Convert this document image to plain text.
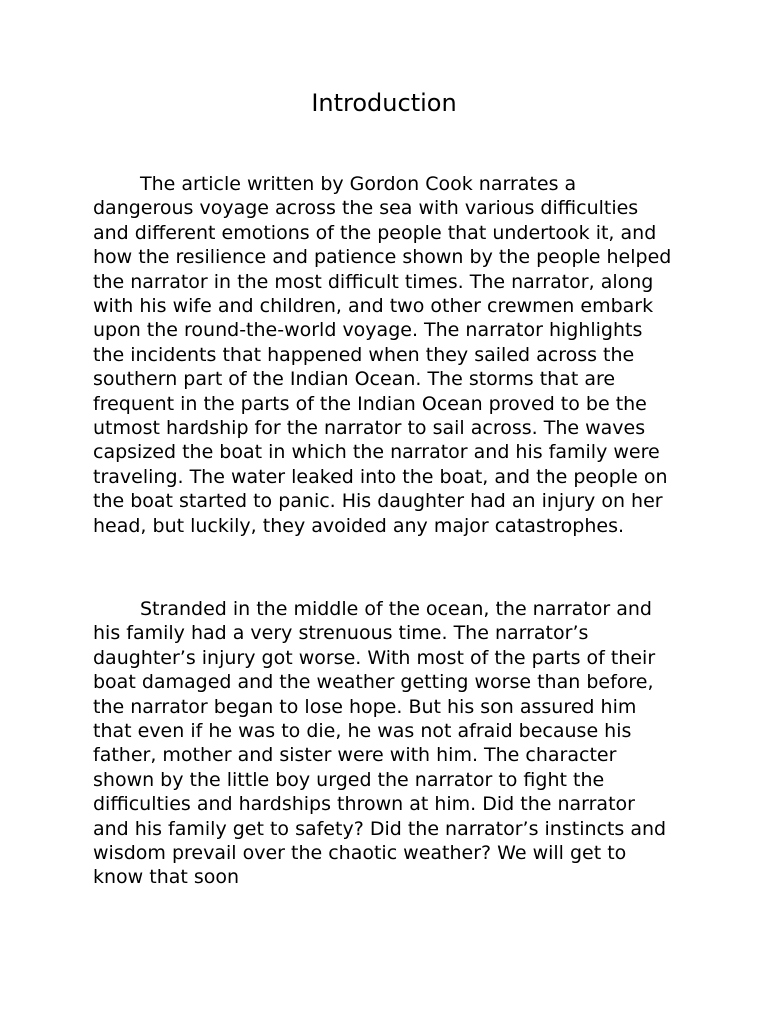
Introduction

The article written by Gordon Cook narrates a dangerous voyage across the sea with various difficulties and different emotions of the people that undertook it, and how the resilience and patience shown by the people helped the narrator in the most difficult times. The narrator, along with his wife and children, and two other crewmen embark upon the round-the-world voyage. The narrator highlights the incidents that happened when they sailed across the southern part of the Indian Ocean. The storms that are frequent in the parts of the Indian Ocean proved to be the utmost hardship for the narrator to sail across. The waves capsized the boat in which the narrator and his family were traveling. The water leaked into the boat, and the people on the boat started to panic. His daughter had an injury on her head, but luckily, they avoided any major catastrophes.

Stranded in the middle of the ocean, the narrator and his family had a very strenuous time. The narrator’s daughter’s injury got worse. With most of the parts of their boat damaged and the weather getting worse than before, the narrator began to lose hope. But his son assured him that even if he was to die, he was not afraid because his father, mother and sister were with him. The character shown by the little boy urged the narrator to fight the difficulties and hardships thrown at him. Did the narrator and his family get to safety? Did the narrator’s instincts and wisdom prevail over the chaotic weather? We will get to know that soon
